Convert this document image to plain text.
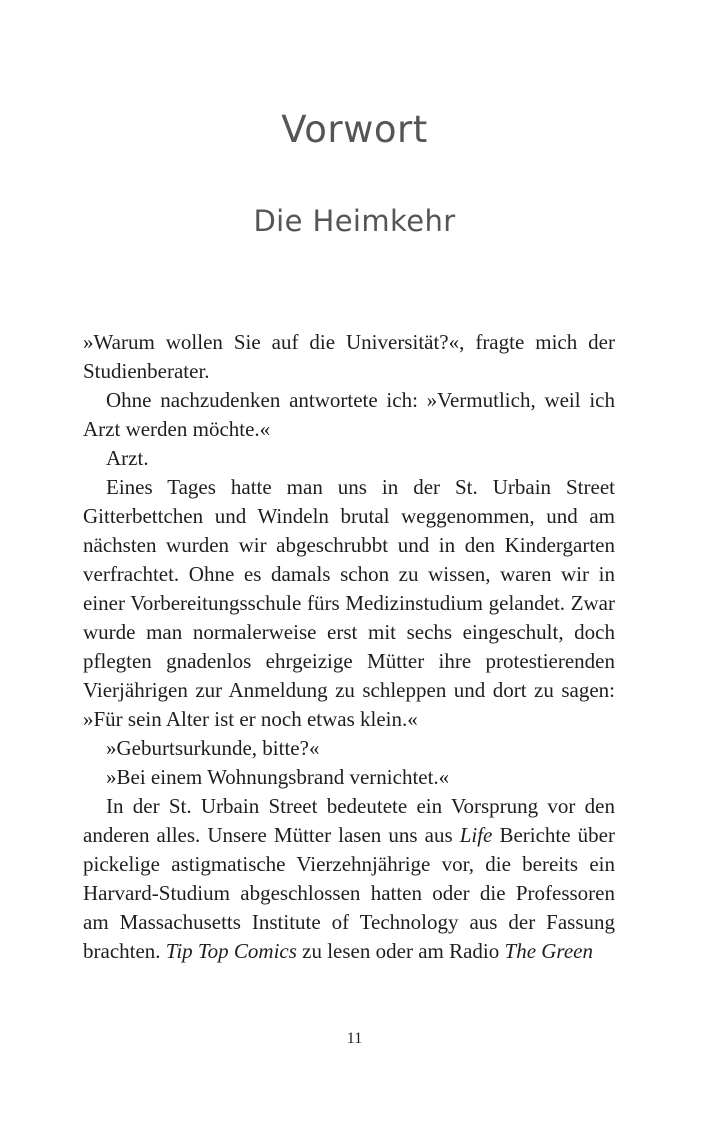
Vorwort
Die Heimkehr

»Warum wollen Sie auf die Universität?«, fragte mich der Studienberater.

Ohne nachzudenken antwortete ich: »Vermutlich, weil ich Arzt werden möchte.«

Arzt.

Eines Tages hatte man uns in der St. Urbain Street Gitterbettchen und Windeln brutal weggenommen, und am nächsten wurden wir abgeschrubbt und in den Kindergarten verfrachtet. Ohne es damals schon zu wissen, waren wir in einer Vorbereitungsschule fürs Medizinstudium gelandet. Zwar wurde man normalerweise erst mit sechs eingeschult, doch pflegten gnadenlos ehrgeizige Mütter ihre protestierenden Vierjährigen zur Anmeldung zu schleppen und dort zu sagen: »Für sein Alter ist er noch etwas klein.«

»Geburtsurkunde, bitte?«

»Bei einem Wohnungsbrand vernichtet.«

In der St. Urbain Street bedeutete ein Vorsprung vor den anderen alles. Unsere Mütter lasen uns aus Life Berichte über pickelige astigmatische Vierzehnjährige vor, die bereits ein Harvard-Studium abgeschlossen hatten oder die Professoren am Massachusetts Institute of Technology aus der Fassung brachten. Tip Top Comics zu lesen oder am Radio The Green

11
